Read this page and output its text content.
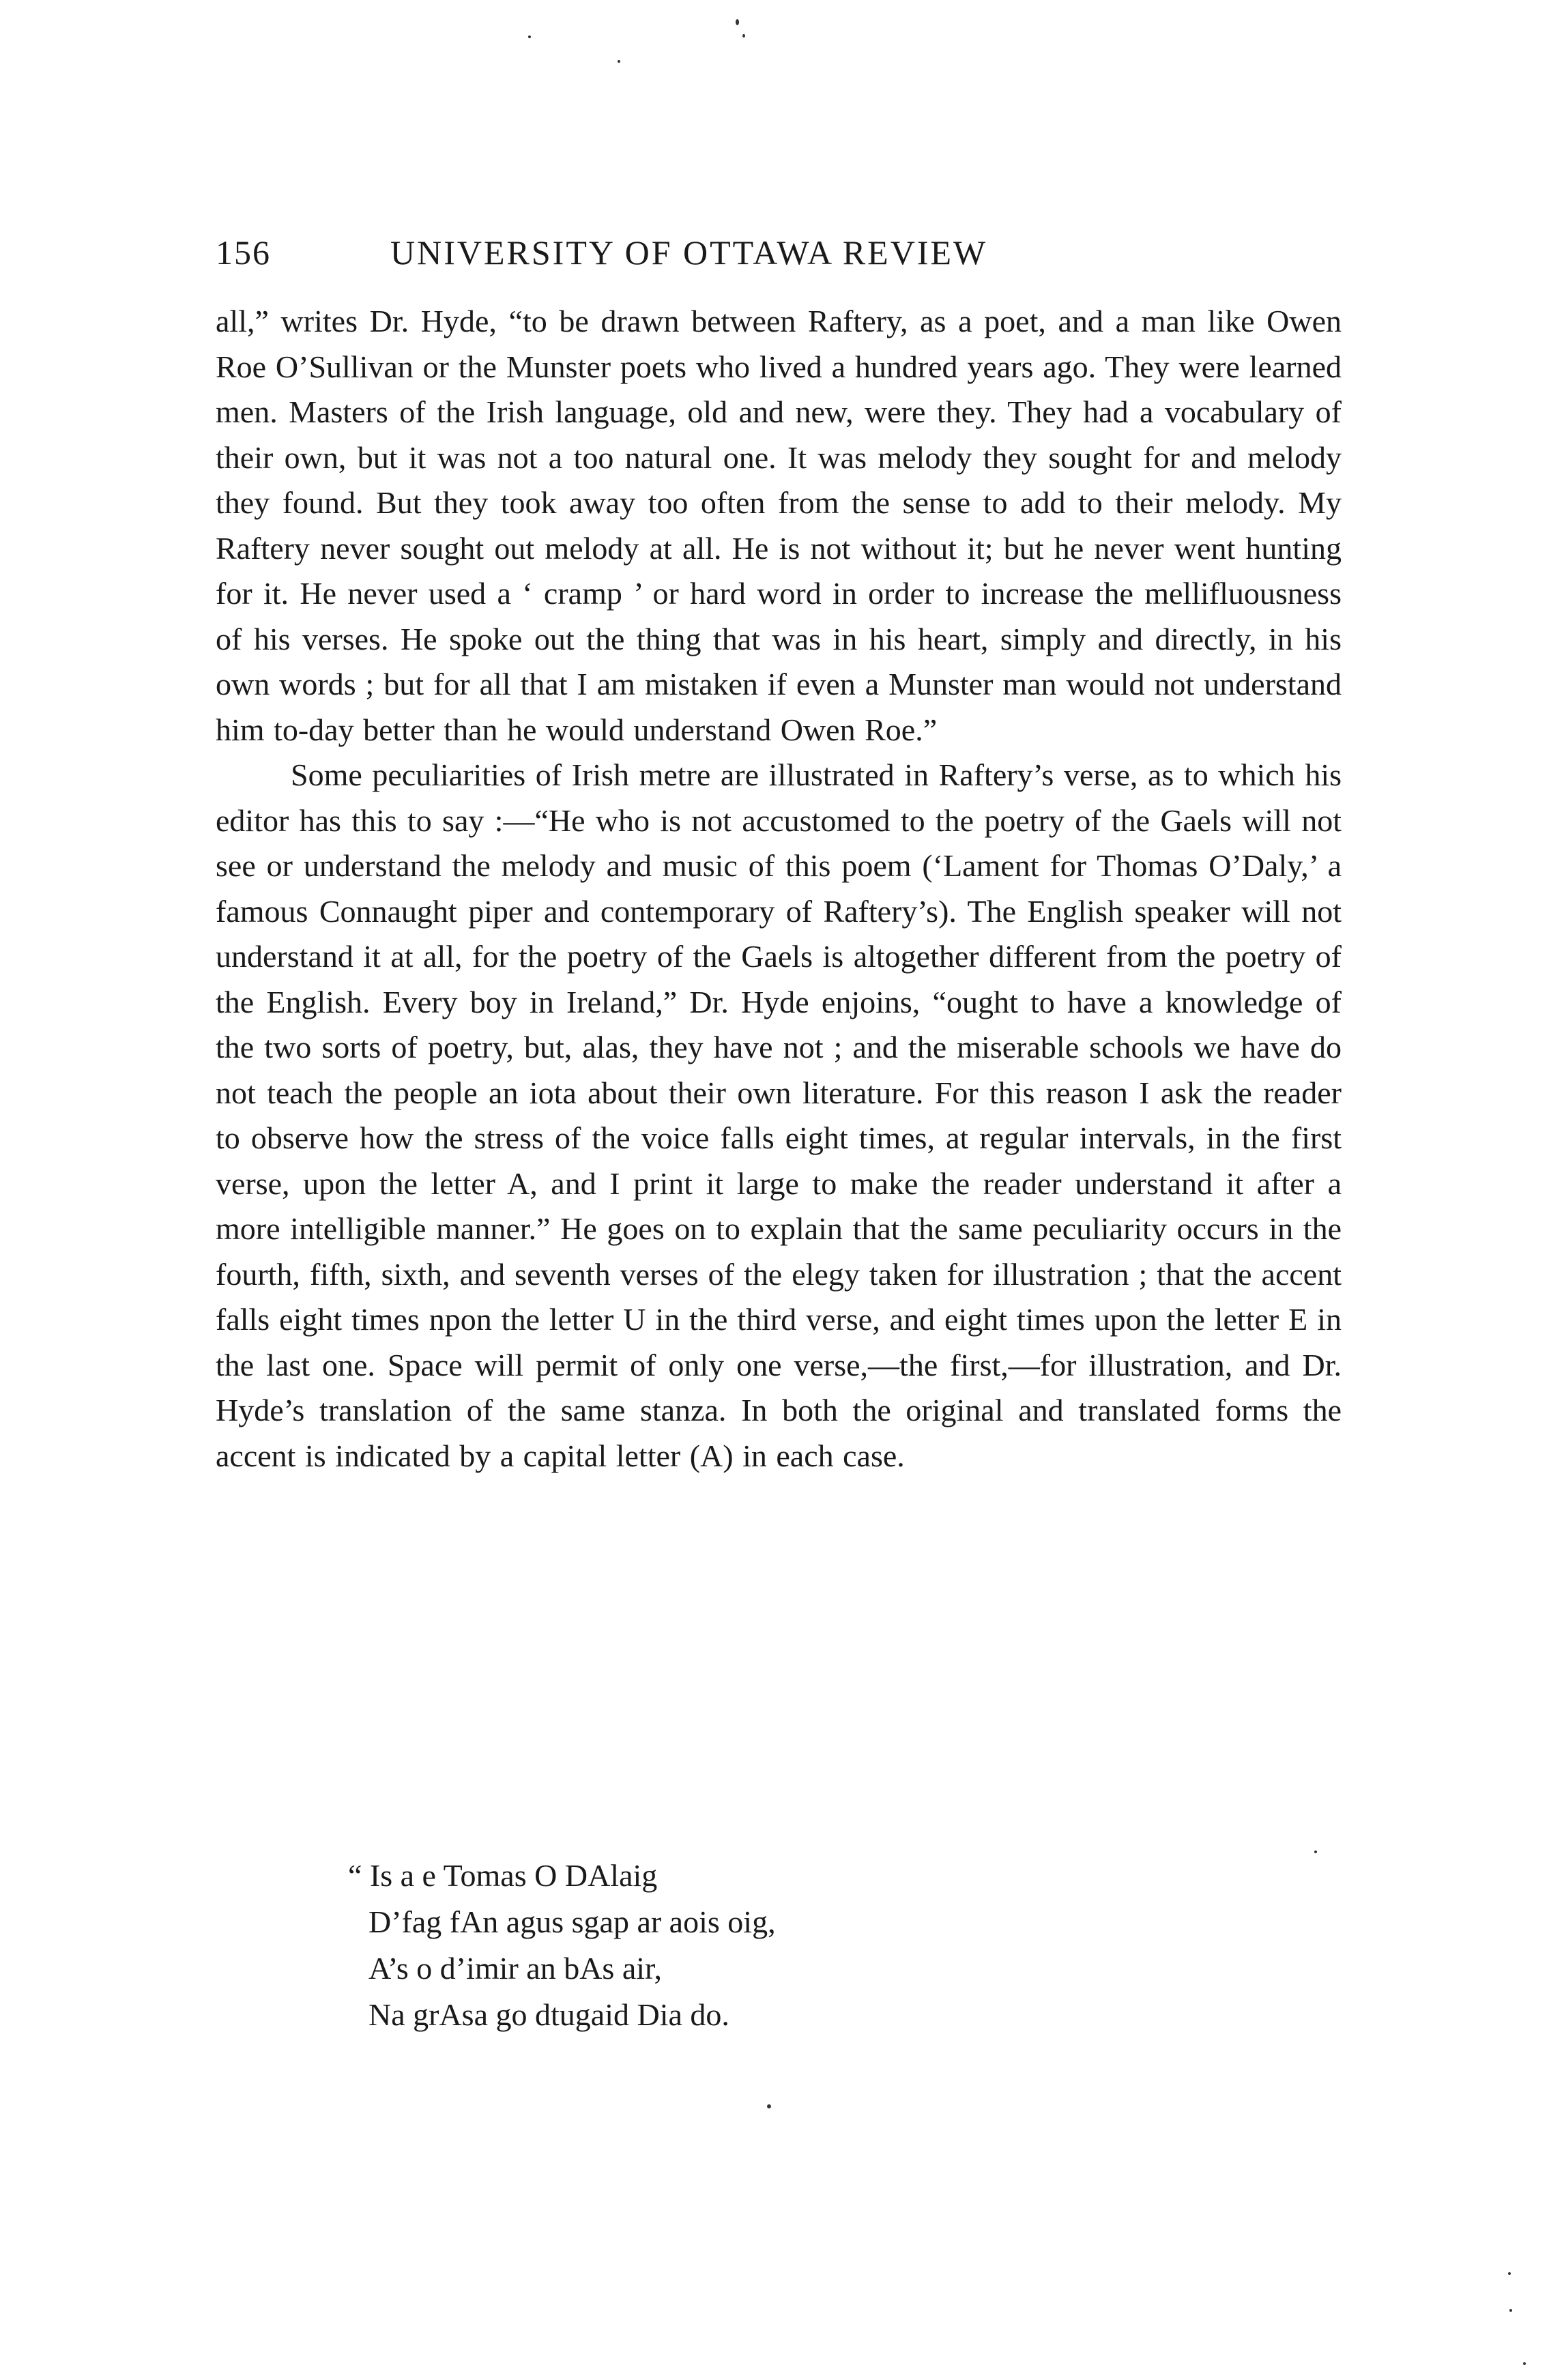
156	UNIVERSITY OF OTTAWA REVIEW

all,” writes Dr. Hyde, “to be drawn between Raftery, as a poet, and a man like Owen Roe O’Sullivan or the Munster poets who lived a hundred years ago. They were learned men. Masters of the Irish language, old and new, were they. They had a vocabulary of their own, but it was not a too natural one. It was melody they sought for and melody they found. But they took away too often from the sense to add to their melody. My Raftery never sought out melody at all. He is not without it; but he never went hunting for it. He never used a ‘ cramp ’ or hard word in order to increase the mellifluousness of his verses. He spoke out the thing that was in his heart, simply and directly, in his own words ; but for all that I am mistaken if even a Munster man would not understand him to-day better than he would understand Owen Roe.”

Some peculiarities of Irish metre are illustrated in Raftery’s verse, as to which his editor has this to say :—“He who is not accustomed to the poetry of the Gaels will not see or understand the melody and music of this poem (‘Lament for Thomas O’Daly,’ a famous Connaught piper and contemporary of Raftery’s). The English speaker will not understand it at all, for the poetry of the Gaels is altogether different from the poetry of the English. Every boy in Ireland,” Dr. Hyde enjoins, “ought to have a knowledge of the two sorts of poetry, but, alas, they have not ; and the miserable schools we have do not teach the people an iota about their own literature. For this reason I ask the reader to observe how the stress of the voice falls eight times, at regular intervals, in the first verse, upon the letter A, and I print it large to make the reader understand it after a more intelligible manner.” He goes on to explain that the same peculiarity occurs in the fourth, fifth, sixth, and seventh verses of the elegy taken for illustration ; that the accent falls eight times npon the letter U in the third verse, and eight times upon the letter E in the last one. Space will permit of only one verse,—the first,—for illustration, and Dr. Hyde’s translation of the same stanza. In both the original and translated forms the accent is indicated by a capital letter (A) in each case.

“ Is a e Tomas O DAlaig
D’fag fAn agus sgap ar aois oig,
A’s o d’imir an bAs air,
Na grAsa go dtugaid Dia do.
